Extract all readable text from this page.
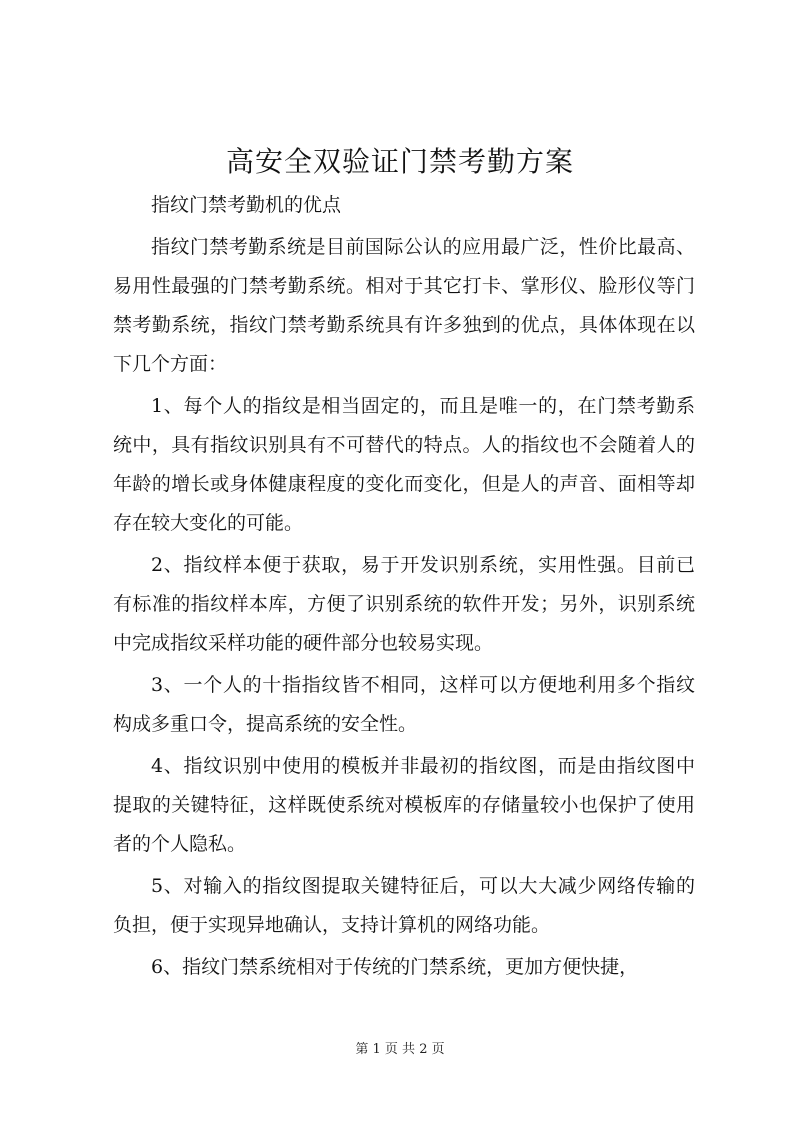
高安全双验证门禁考勤方案

指纹门禁考勤机的优点

指纹门禁考勤系统是目前国际公认的应用最广泛，性价比最高、易用性最强的门禁考勤系统。相对于其它打卡、掌形仪、脸形仪等门禁考勤系统，指纹门禁考勤系统具有许多独到的优点，具体体现在以下几个方面：

1、每个人的指纹是相当固定的，而且是唯一的，在门禁考勤系统中，具有指纹识别具有不可替代的特点。人的指纹也不会随着人的年龄的增长或身体健康程度的变化而变化，但是人的声音、面相等却存在较大变化的可能。

2、指纹样本便于获取，易于开发识别系统，实用性强。目前已有标准的指纹样本库，方便了识别系统的软件开发；另外，识别系统中完成指纹采样功能的硬件部分也较易实现。

3、一个人的十指指纹皆不相同，这样可以方便地利用多个指纹构成多重口令，提高系统的安全性。

4、指纹识别中使用的模板并非最初的指纹图，而是由指纹图中提取的关键特征，这样既使系统对模板库的存储量较小也保护了使用者的个人隐私。

5、对输入的指纹图提取关键特征后，可以大大减少网络传输的负担，便于实现异地确认，支持计算机的网络功能。

6、指纹门禁系统相对于传统的门禁系统，更加方便快捷，

第 1 页 共 2 页
